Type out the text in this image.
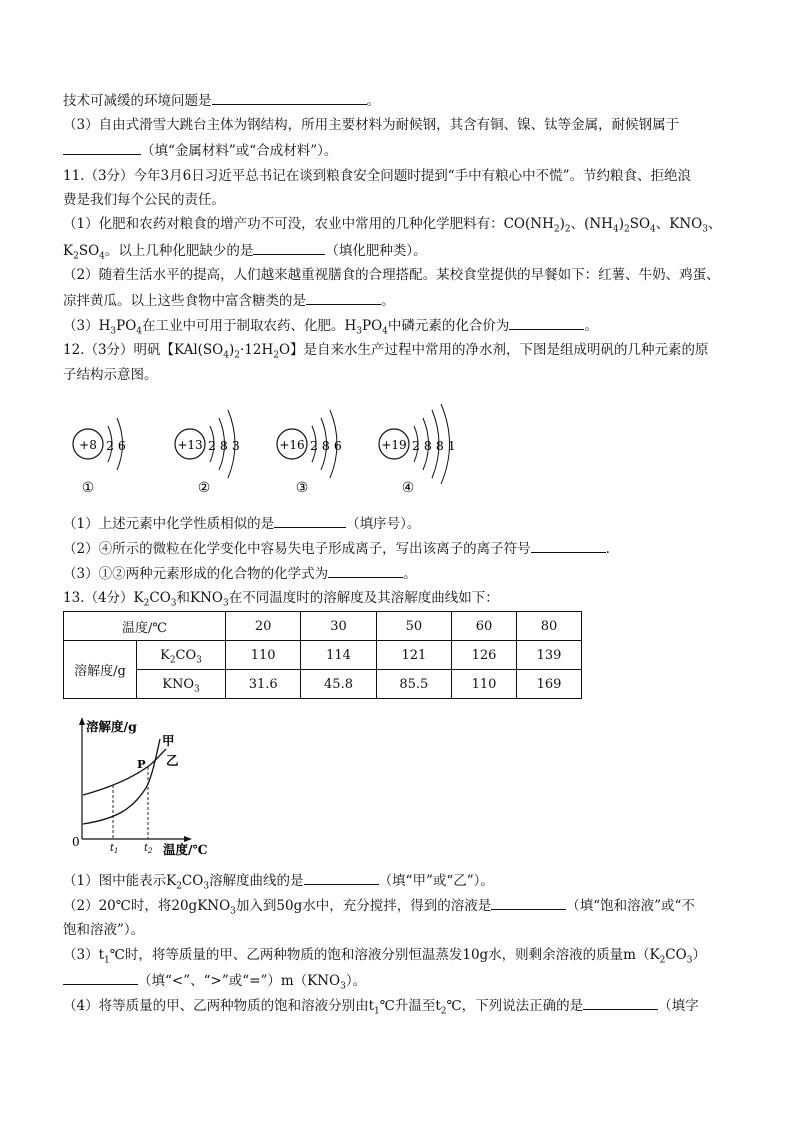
技术可减缓的环境问题是	。
（3）自由式滑雪大跳台主体为钢结构，所用主要材料为耐候钢，其含有铜、镍、钛等金属，耐候钢属于
（填“金属材料”或“合成材料”）。
11.（3分）今年3月6日习近平总书记在谈到粮食安全问题时提到“手中有粮心中不慌”。节约粮食、拒绝浪
费是我们每个公民的责任。
（1）化肥和农药对粮食的增产功不可没，农业中常用的几种化学肥料有：$CO(NH_2)_2$、$(NH_4)_2SO_4$、$KNO_3$、
$K_2SO_4$。以上几种化肥缺少的是	（填化肥种类）。
（2）随着生活水平的提高，人们越来越重视膳食的合理搭配。某校食堂提供的早餐如下：红薯、牛奶、鸡蛋、
凉拌黄瓜。以上这些食物中富含糖类的是	。
$(3)H_3PO_4$在工业中可用于制取农药、化肥。$H_3PO_4$中磷元素的化合价为	。
12.（3分）明矾【$KAl(SO_4)_2\cdot 12H_2O$】是自来水生产过程中常用的净水剂，下图是组成明矾的几种元素的原
子结构示意图。
+8 2 6
①
+13 2 8 3
②
+16 2 8 6
③
+19 2 8 8 1
④
（1）上述元素中化学性质相似的是	（填序号）。
（2）④所示的微粒在化学变化中容易失电子形成离子，写出该离子的离子符号	.
（3）①②两种元素形成的化合物的化学式为	。
13.（4分）$K_2CO_3$和$KNO_3$在不同温度时的溶解度及其溶解度曲线如下：
温度/℃		20	30	50	60	80
溶解度/g	$K_2CO_3$	110	114	121	126	139
	$KNO_3$	31.6	45.8	85.5	110	169
溶解度/g
温度/℃
0
甲
乙
P
$t_1$	$t_2$
（1）图中能表示$K_2CO_3$溶解度曲线的是	（填“甲”或“乙”）。
（2）20℃时，将20gKNO$_3$加入到50g水中，充分搅拌，得到的溶液是	（填“饱和溶液”或“不
饱和溶液”）。
$(3)t_1℃$时，将等质量的甲、乙两种物质的饱和溶液分别恒温蒸发10g水，则剩余溶液的质量$m(K_2CO_3)$
（填“<”、“>”或“$=”)m(KNO_3)$。
（4）将等质量的甲、乙两种物质的饱和溶液分别由$t_1℃$升温至$t_2℃$，下列说法正确的是	（填字
